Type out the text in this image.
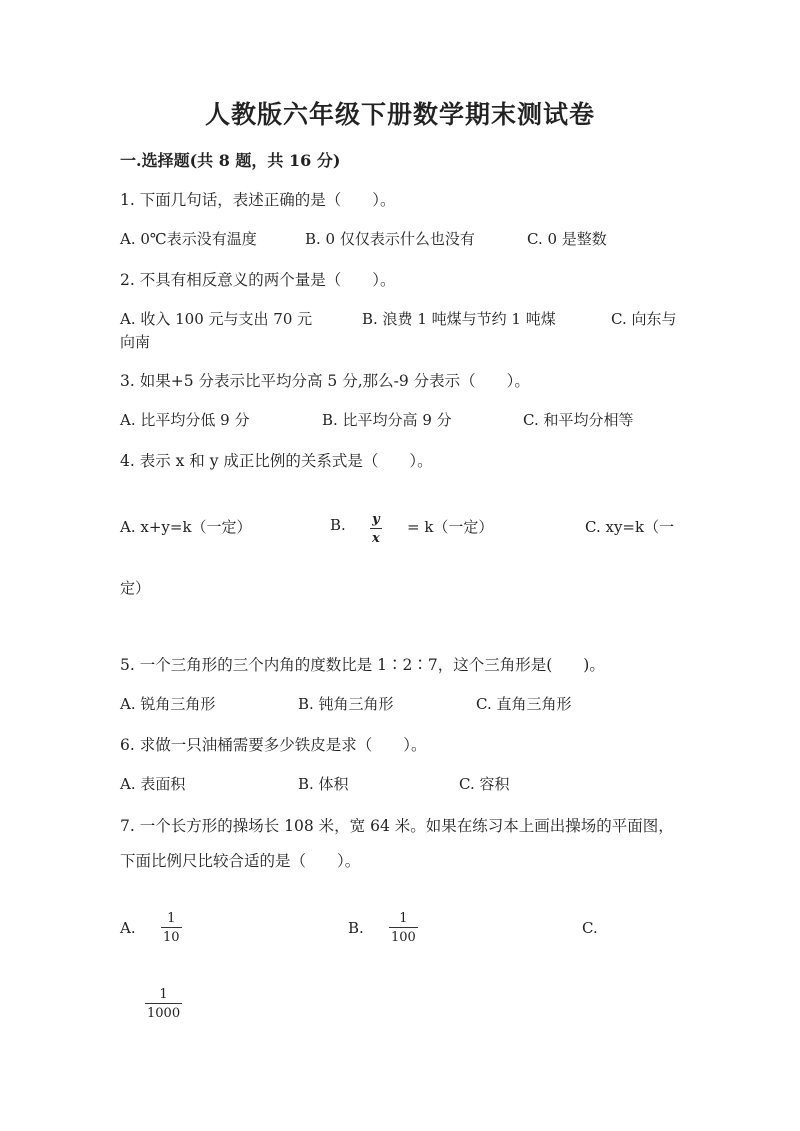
人教版六年级下册数学期末测试卷
一.选择题(共 8 题，共 16 分)
1. 下面几句话，表述正确的是（　　）。
A. 0℃表示没有温度	B. 0 仅仅表示什么也没有	C. 0 是整数
2. 不具有相反意义的两个量是（　　）。
A. 收入 100 元与支出 70 元	B. 浪费 1 吨煤与节约 1 吨煤	C. 向东与
向南
3. 如果+5 分表示比平均分高 5 分,那么-9 分表示（　　）。
A. 比平均分低 9 分	B. 比平均分高 9 分	C. 和平均分相等
4. 表示 x 和 y 成正比例的关系式是（　　）。
A. x+y=k（一定）	B. y
x
= k（一定）	C. xy=k（一
定）
5. 一个三角形的三个内角的度数比是 1∶2∶7，这个三角形是(　　)。
A. 锐角三角形	B. 钝角三角形	C. 直角三角形
6. 求做一只油桶需要多少铁皮是求（　　）。
A. 表面积	B. 体积	C. 容积
7. 一个长方形的操场长 108 米，宽 64 米。如果在练习本上画出操场的平面图，
下面比例尺比较合适的是（　　）。
A.
1
10
B.
1
100
C.
1
1000
